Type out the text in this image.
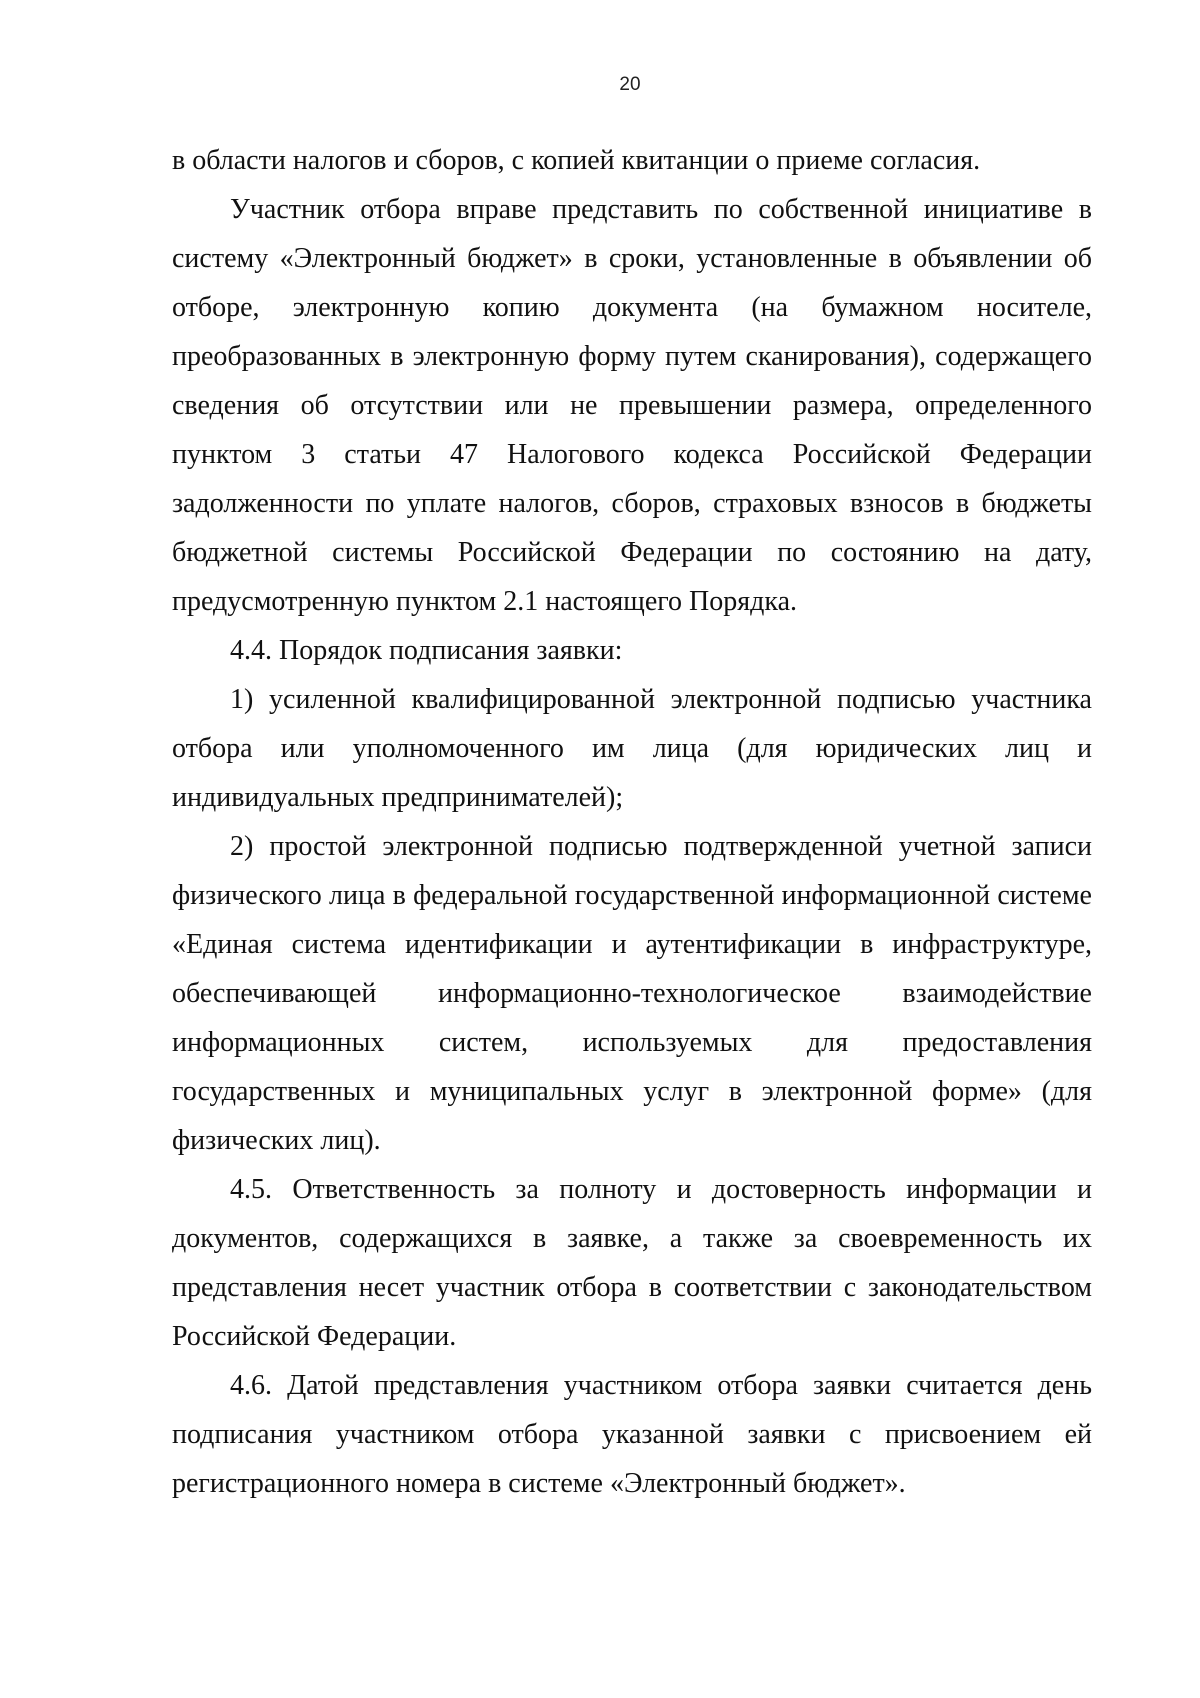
20

в области налогов и сборов, с копией квитанции о приеме согласия.

Участник отбора вправе представить по собственной инициативе в систему «Электронный бюджет» в сроки, установленные в объявлении об отборе, электронную копию документа (на бумажном носителе, преобразованных в электронную форму путем сканирования), содержащего сведения об отсутствии или не превышении размера, определенного пунктом 3 статьи 47 Налогового кодекса Российской Федерации задолженности по уплате налогов, сборов, страховых взносов в бюджеты бюджетной системы Российской Федерации по состоянию на дату, предусмотренную пунктом 2.1 настоящего Порядка.

4.4. Порядок подписания заявки:

1) усиленной квалифицированной электронной подписью участника отбора или уполномоченного им лица (для юридических лиц и индивидуальных предпринимателей);

2) простой электронной подписью подтвержденной учетной записи физического лица в федеральной государственной информационной системе «Единая система идентификации и аутентификации в инфраструктуре, обеспечивающей информационно-технологическое взаимодействие информационных систем, используемых для предоставления государственных и муниципальных услуг в электронной форме» (для физических лиц).

4.5. Ответственность за полноту и достоверность информации и документов, содержащихся в заявке, а также за своевременность их представления несет участник отбора в соответствии с законодательством Российской Федерации.

4.6. Датой представления участником отбора заявки считается день подписания участником отбора указанной заявки с присвоением ей регистрационного номера в системе «Электронный бюджет».
